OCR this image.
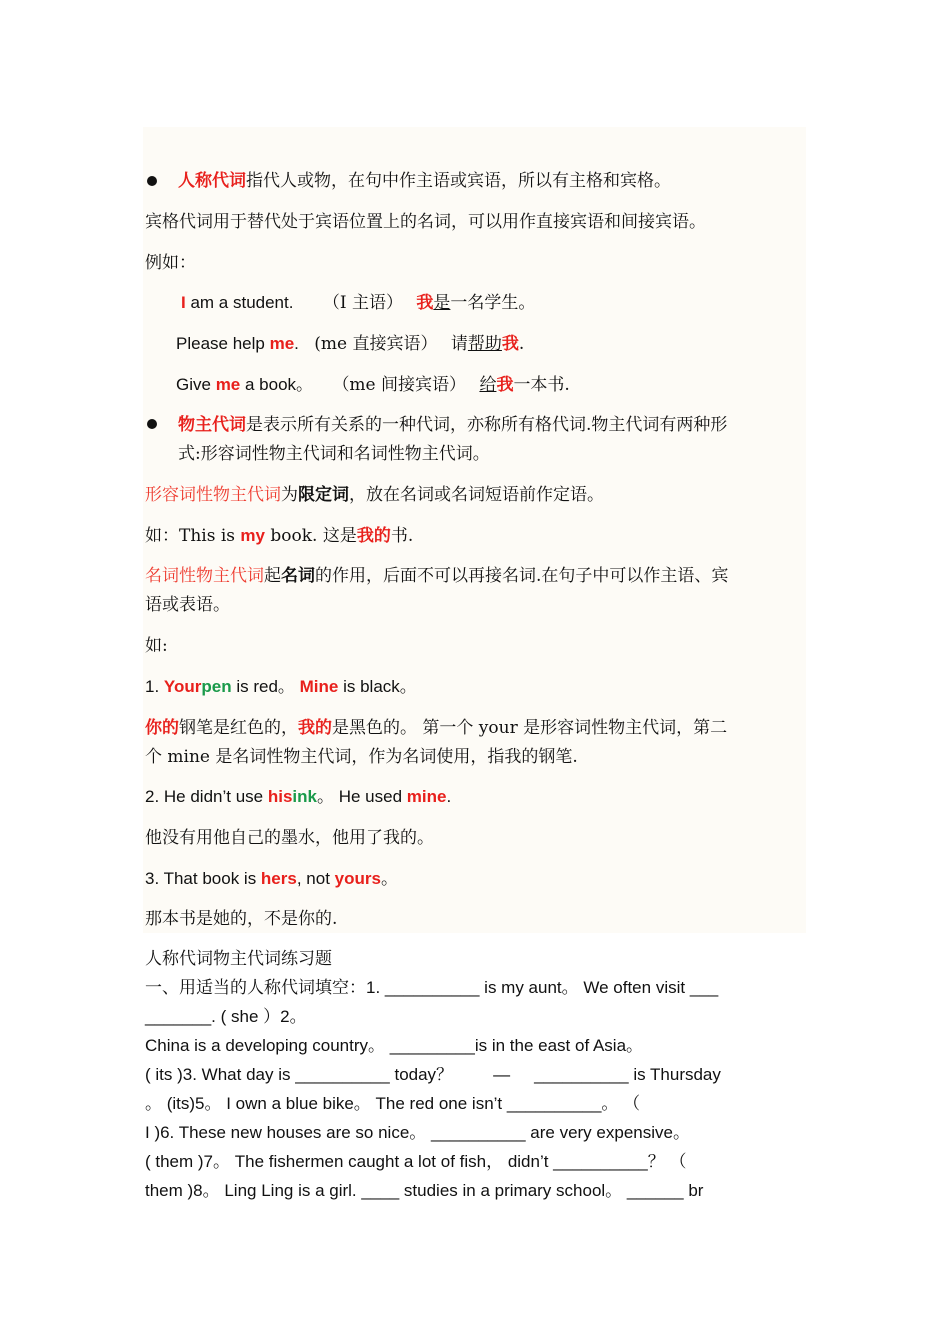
人称代词指代人或物，在句中作主语或宾语，所以有主格和宾格。
宾格代词用于替代处于宾语位置上的名词，可以用作直接宾语和间接宾语。
例如：
I am a student. （I 主语） 我是一名学生。
Please help me. (me 直接宾语） 请帮助我.
Give me a book。 （me 间接宾语） 给我一本书.
物主代词是表示所有关系的一种代词，亦称所有格代词.物主代词有两种形
式:形容词性物主代词和名词性物主代词。
形容词性物主代词为限定词，放在名词或名词短语前作定语。
如：This is my book. 这是我的书.
名词性物主代词起名词的作用，后面不可以再接名词.在句子中可以作主语、宾
语或表语。
如:
1. Yourpen is red。 Mine is black。
你的钢笔是红色的，我的是黑色的。 第一个 your 是形容词性物主代词，第二
个 mine 是名词性物主代词，作为名词使用，指我的钢笔.
2. He didn’t use hisink。 He used mine.
他没有用他自己的墨水，他用了我的。
3. That book is hers, not yours。
那本书是她的，不是你的.
人称代词物主代词练习题
一、用适当的人称代词填空：1. __________ is my aunt。 We often visit ___
_______. ( she ）2。
China is a developing country。 _________is in the east of Asia。
( its )3. What day is __________ today？ — __________ is Thursday
。 (its)5。 I own a blue bike。 The red one isn’t __________。 （
I )6. These new houses are so nice。 __________ are very expensive。
( them )7。 The fishermen caught a lot of fish， didn’t __________？ （
them )8。 Ling Ling is a girl. ____ studies in a primary school。 ______ br
